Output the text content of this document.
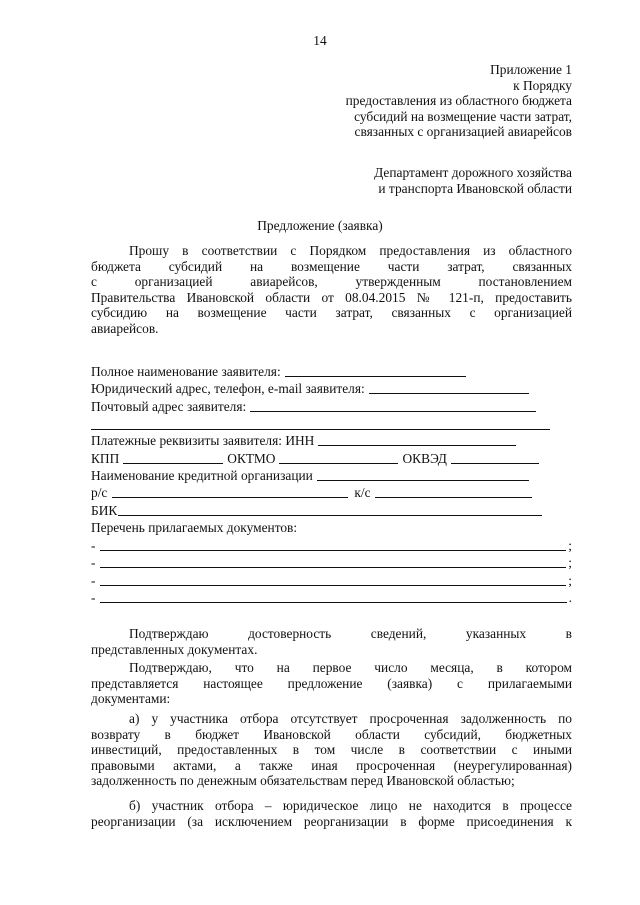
14
Приложение 1
к Порядку
предоставления из областного бюджета
субсидий на возмещение части затрат,
связанных с организацией авиарейсов
Департамент дорожного хозяйства
и транспорта Ивановской области
Предложение (заявка)
Прошу в соответствии с Порядком предоставления из областного
бюджета субсидий на возмещение части затрат, связанных
с организацией авиарейсов, утвержденным постановлением
Правительства Ивановской области от 08.04.2015 № 121-п, предоставить
субсидию на возмещение части затрат, связанных с организацией
авиарейсов.
Полное наименование заявителя:
Юридический адрес, телефон, e-mail заявителя:
Почтовый адрес заявителя:
Платежные реквизиты заявителя: ИНН
КПП	ОКТМО	ОКВЭД
Наименование кредитной организации
р/с	к/с
БИК
Перечень прилагаемых документов:
-	;
-	;
-	;
-	.
Подтверждаю достоверность сведений, указанных в
представленных документах.
Подтверждаю, что на первое число месяца, в котором
представляется настоящее предложение (заявка) с прилагаемыми
документами:
а) у участника отбора отсутствует просроченная задолженность по
возврату в бюджет Ивановской области субсидий, бюджетных
инвестиций, предоставленных в том числе в соответствии с иными
правовыми актами, а также иная просроченная (неурегулированная)
задолженность по денежным обязательствам перед Ивановской областью;
б) участник отбора – юридическое лицо не находится в процессе
реорганизации (за исключением реорганизации в форме присоединения к
